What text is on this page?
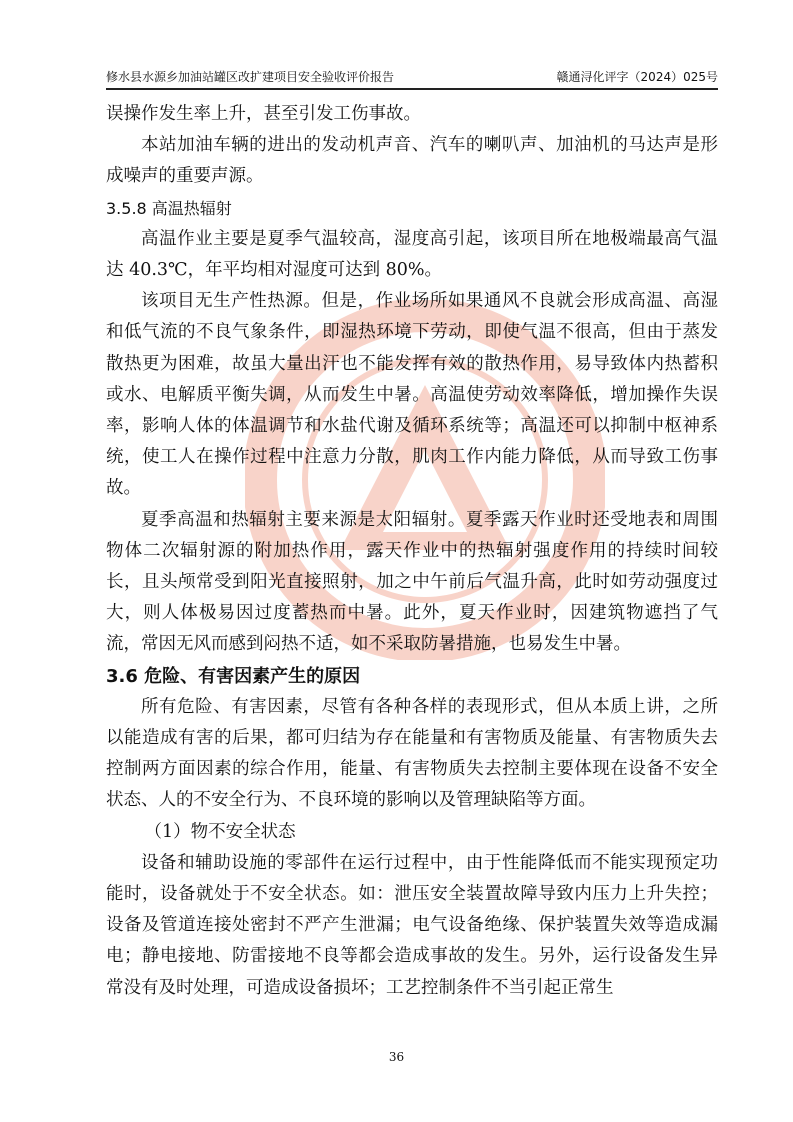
修水县水源乡加油站罐区改扩建项目安全验收评价报告	赣通浔化评字（2024）025号

误操作发生率上升，甚至引发工伤事故。

本站加油车辆的进出的发动机声音、汽车的喇叭声、加油机的马达声是形成噪声的重要声源。

3.5.8 高温热辐射

高温作业主要是夏季气温较高，湿度高引起，该项目所在地极端最高气温达 40.3℃，年平均相对湿度可达到 80%。

该项目无生产性热源。但是，作业场所如果通风不良就会形成高温、高湿和低气流的不良气象条件，即湿热环境下劳动，即使气温不很高，但由于蒸发散热更为困难，故虽大量出汗也不能发挥有效的散热作用，易导致体内热蓄积或水、电解质平衡失调，从而发生中暑。高温使劳动效率降低，增加操作失误率，影响人体的体温调节和水盐代谢及循环系统等；高温还可以抑制中枢神系统，使工人在操作过程中注意力分散，肌肉工作内能力降低，从而导致工伤事故。

夏季高温和热辐射主要来源是太阳辐射。夏季露天作业时还受地表和周围物体二次辐射源的附加热作用，露天作业中的热辐射强度作用的持续时间较长，且头颅常受到阳光直接照射，加之中午前后气温升高，此时如劳动强度过大，则人体极易因过度蓄热而中暑。此外，夏天作业时，因建筑物遮挡了气流，常因无风而感到闷热不适，如不采取防暑措施，也易发生中暑。

3.6 危险、有害因素产生的原因

所有危险、有害因素，尽管有各种各样的表现形式，但从本质上讲，之所以能造成有害的后果，都可归结为存在能量和有害物质及能量、有害物质失去控制两方面因素的综合作用，能量、有害物质失去控制主要体现在设备不安全状态、人的不安全行为、不良环境的影响以及管理缺陷等方面。

（1）物不安全状态

设备和辅助设施的零部件在运行过程中，由于性能降低而不能实现预定功能时，设备就处于不安全状态。如：泄压安全装置故障导致内压力上升失控；设备及管道连接处密封不严产生泄漏；电气设备绝缘、保护装置失效等造成漏电；静电接地、防雷接地不良等都会造成事故的发生。另外，运行设备发生异常没有及时处理，可造成设备损坏；工艺控制条件不当引起正常生

36
